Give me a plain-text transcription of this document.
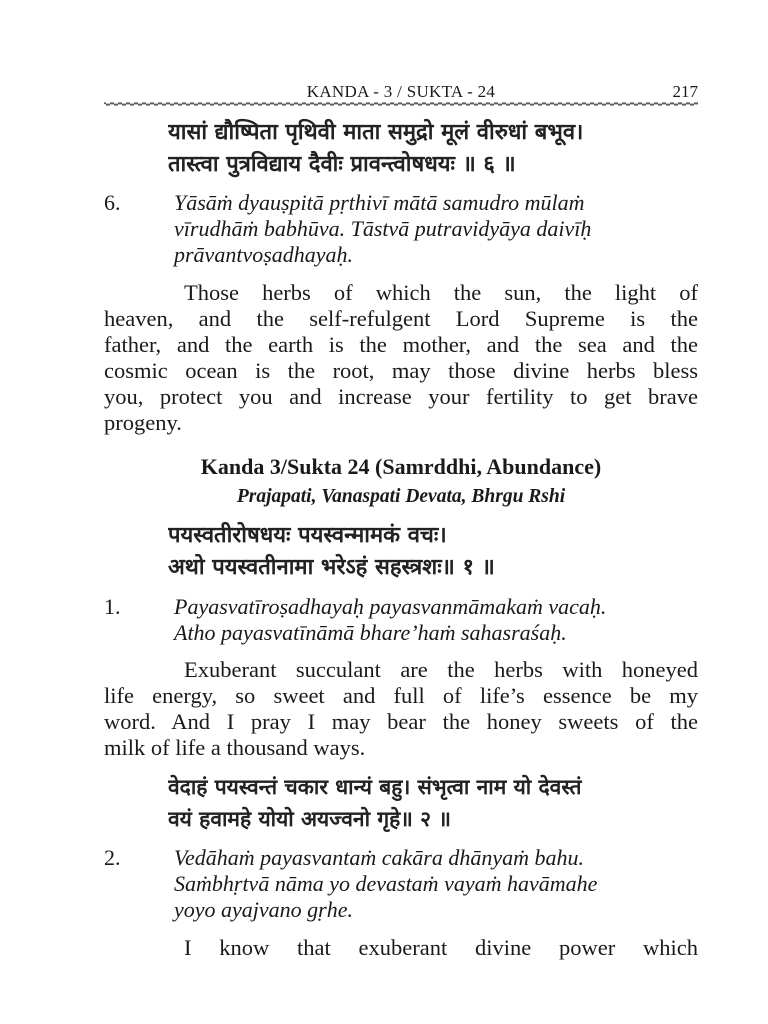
KANDA - 3 / SUKTA - 24	217
यासां द्यौष्पिता पृथिवी माता समुद्रो मूलं वीरुधां बभूव।
तास्त्वा पुत्रविद्याय दैवीः प्रावन्त्वोषधयः ॥ ६ ॥
6. Yāsāṁ dyauṣpitā pṛthivī mātā samudro mūlaṁ
vīrudhāṁ babhūva. Tāstvā putravidyāya daivīḥ
prāvantvoṣadhayaḥ.
Those herbs of which the sun, the light of
heaven, and the self-refulgent Lord Supreme is the
father, and the earth is the mother, and the sea and the
cosmic ocean is the root, may those divine herbs bless
you, protect you and increase your fertility to get brave
progeny.
Kanda 3/Sukta 24 (Samrddhi, Abundance)
Prajapati, Vanaspati Devata, Bhrgu Rshi
पयस्वतीरोषधयः पयस्वन्मामकं वचः।
अथो पयस्वतीनामा भरेऽहं सहस्त्रशः॥ १ ॥
1. Payasvatīroṣadhayaḥ payasvanmāmakaṁ vacaḥ.
Atho payasvatīnāmā bhare’haṁ sahasraśaḥ.
Exuberant succulant are the herbs with honeyed
life energy, so sweet and full of life’s essence be my
word. And I pray I may bear the honey sweets of the
milk of life a thousand ways.
वेदाहं पयस्वन्तं चकार धान्यं बहु। संभृत्वा नाम यो देवस्तं
वयं हवामहे योयो अयज्वनो गृहे॥ २ ॥
2. Vedāhaṁ payasvantaṁ cakāra dhānyaṁ bahu.
Saṁbhṛtvā nāma yo devastaṁ vayaṁ havāmahe
yoyo ayajvano gṛhe.
I know that exuberant divine power which
